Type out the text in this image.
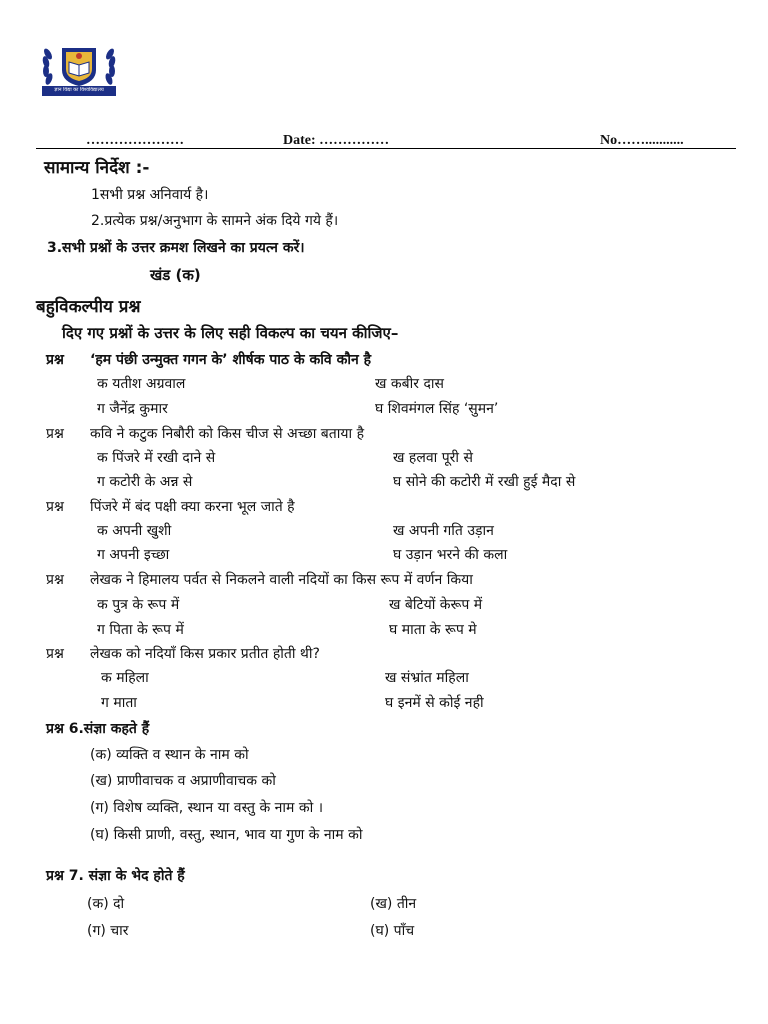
ज्ञान विद्या का विश्वविद्यालय
…………………	Date: ……………	No……...........
सामान्य निर्देश :-
1सभी प्रश्न अनिवार्य है।
2.प्रत्येक प्रश्न/अनुभाग के सामने अंक दिये गये हैं।
3.सभी प्रश्नों के उत्तर क्रमश लिखने का प्रयत्न करें।
खंड (क)
बहुविकल्पीय प्रश्न
दिए गए प्रश्नों के उत्तर के लिए सही विकल्प का चयन कीजिए–
प्रश्न ‘हम पंछी उन्मुक्त गगन के’ शीर्षक पाठ के कवि कौन है
क यतीश अग्रवाल	ख कबीर दास
ग जैनेंद्र कुमार	घ शिवमंगल सिंह ‘सुमन’
प्रश्न कवि ने कटुक निबौरी को किस चीज से अच्छा बताया है
क पिंजरे में रखी दाने से	ख हलवा पूरी से
ग कटोरी के अन्न से	घ सोने की कटोरी में रखी हुई मैदा से
प्रश्न पिंजरे में बंद पक्षी क्या करना भूल जाते है
क अपनी खुशी	ख अपनी गति उड़ान
ग अपनी इच्छा	घ उड़ान भरने की कला
प्रश्न लेखक ने हिमालय पर्वत से निकलने वाली नदियों का किस रूप में वर्णन किया
क पुत्र के रूप में	ख बेटियों केरूप में
ग पिता के रूप में	घ माता के रूप मे
प्रश्न लेखक को नदियाँ किस प्रकार प्रतीत होती थी?
क महिला	ख संभ्रांत महिला
ग माता	घ इनमें से कोई नही
प्रश्न 6.संज्ञा कहते हैं
(क) व्यक्ति व स्थान के नाम को
(ख) प्राणीवाचक व अप्राणीवाचक को
(ग) विशेष व्यक्ति, स्थान या वस्तु के नाम को ।
(घ) किसी प्राणी, वस्तु, स्थान, भाव या गुण के नाम को
प्रश्न 7. संज्ञा के भेद होते हैं
(क) दो	(ख) तीन
(ग) चार	(घ) पाँच
